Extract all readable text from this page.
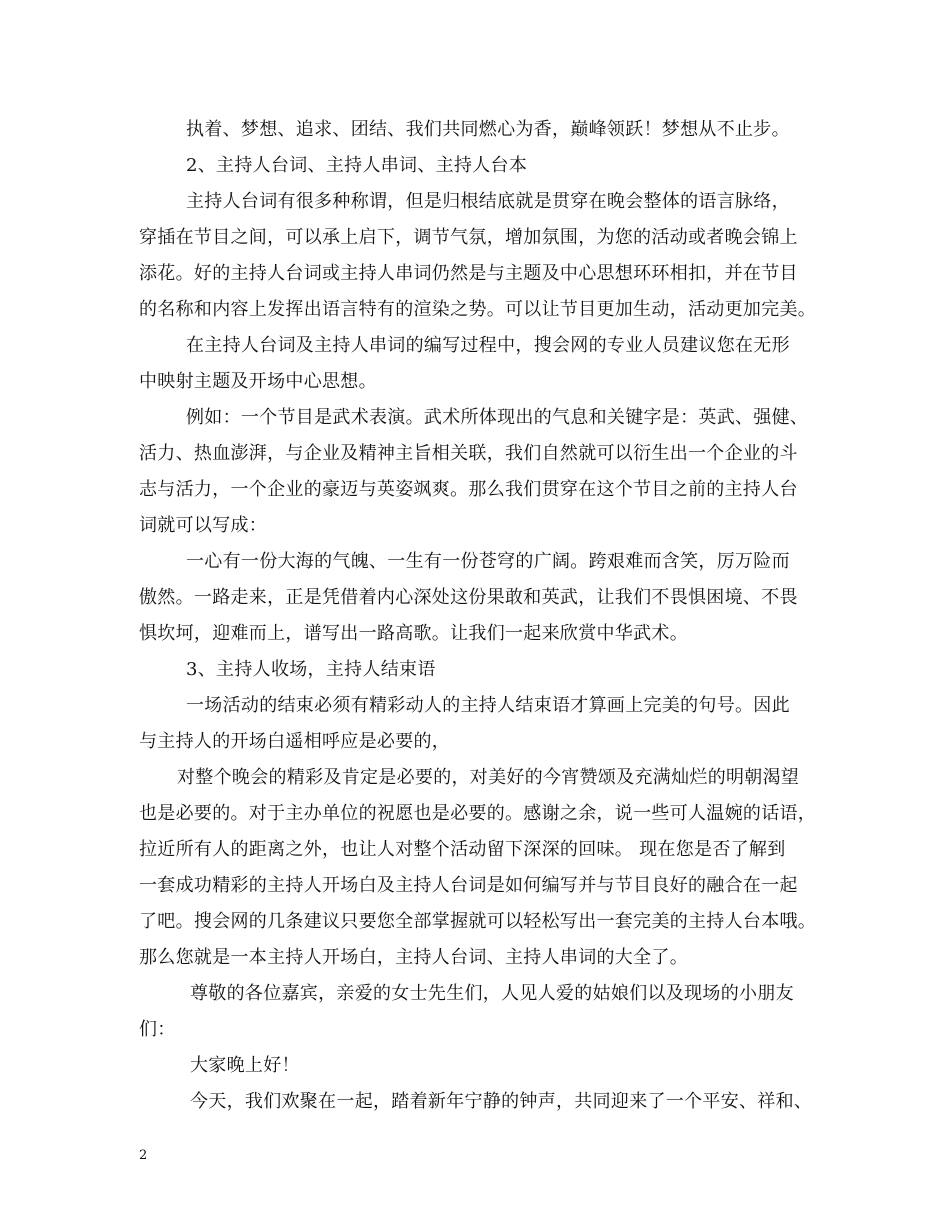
执着、梦想、追求、团结、我们共同燃心为香，巅峰领跃！梦想从不止步。
2、主持人台词、主持人串词、主持人台本
主持人台词有很多种称谓，但是归根结底就是贯穿在晚会整体的语言脉络，
穿插在节目之间，可以承上启下，调节气氛，增加氛围，为您的活动或者晚会锦上
添花。好的主持人台词或主持人串词仍然是与主题及中心思想环环相扣，并在节目
的名称和内容上发挥出语言特有的渲染之势。可以让节目更加生动，活动更加完美。
在主持人台词及主持人串词的编写过程中，搜会网的专业人员建议您在无形
中映射主题及开场中心思想。
例如：一个节目是武术表演。武术所体现出的气息和关键字是：英武、强健、
活力、热血澎湃，与企业及精神主旨相关联，我们自然就可以衍生出一个企业的斗
志与活力，一个企业的豪迈与英姿飒爽。那么我们贯穿在这个节目之前的主持人台
词就可以写成：
一心有一份大海的气魄、一生有一份苍穹的广阔。跨艰难而含笑，厉万险而
傲然。一路走来，正是凭借着内心深处这份果敢和英武，让我们不畏惧困境、不畏
惧坎坷，迎难而上，谱写出一路高歌。让我们一起来欣赏中华武术。
3、主持人收场，主持人结束语
一场活动的结束必须有精彩动人的主持人结束语才算画上完美的句号。因此
与主持人的开场白遥相呼应是必要的，
对整个晚会的精彩及肯定是必要的，对美好的今宵赞颂及充满灿烂的明朝渴望
也是必要的。对于主办单位的祝愿也是必要的。感谢之余，说一些可人温婉的话语，
拉近所有人的距离之外，也让人对整个活动留下深深的回味。 现在您是否了解到
一套成功精彩的主持人开场白及主持人台词是如何编写并与节目良好的融合在一起
了吧。搜会网的几条建议只要您全部掌握就可以轻松写出一套完美的主持人台本哦。
那么您就是一本主持人开场白，主持人台词、主持人串词的大全了。
尊敬的各位嘉宾，亲爱的女士先生们，人见人爱的姑娘们以及现场的小朋友
们：
大家晚上好！
今天，我们欢聚在一起，踏着新年宁静的钟声，共同迎来了一个平安、祥和、
2
